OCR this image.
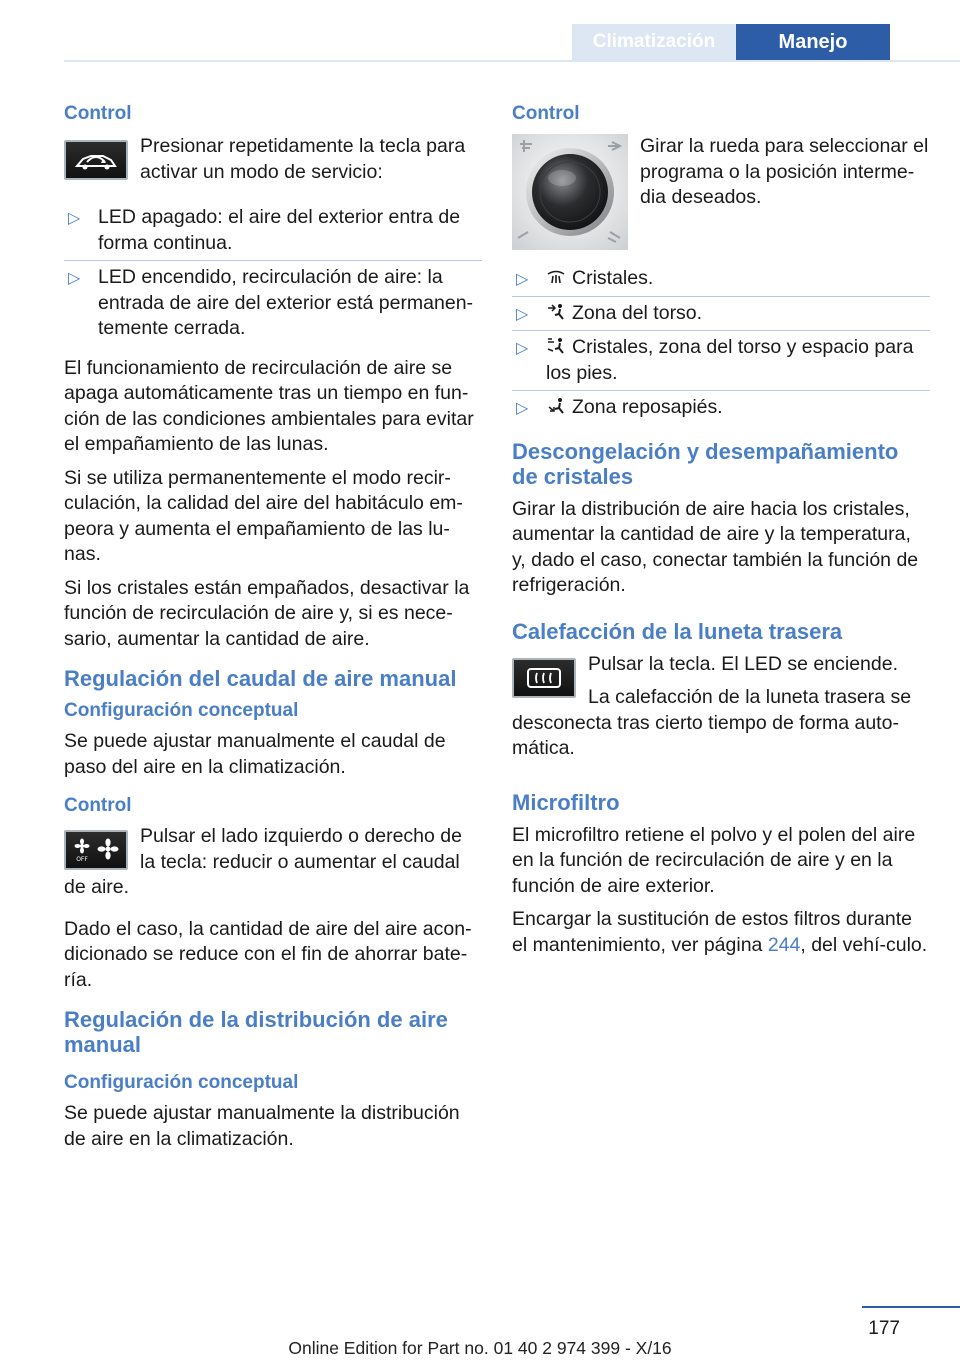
Climatización	Manejo
Control

Presionar repetidamente la tecla para activar un modo de servicio:

▷ LED apagado: el aire del exterior entra de forma continua.
▷ LED encendido, recirculación de aire: la entrada de aire del exterior está permanen‐temente cerrada.

El funcionamiento de recirculación de aire se apaga automáticamente tras un tiempo en fun‐ción de las condiciones ambientales para evitar el empañamiento de las lunas.

Si se utiliza permanentemente el modo recir‐culación, la calidad del aire del habitáculo em‐peora y aumenta el empañamiento de las lu‐nas.

Si los cristales están empañados, desactivar la función de recirculación de aire y, si es nece‐sario, aumentar la cantidad de aire.

Regulación del caudal de aire manual
Configuración conceptual

Se puede ajustar manualmente el caudal de paso del aire en la climatización.

Control
OFF

Pulsar el lado izquierdo o derecho de la tecla: reducir o aumentar el caudal de aire.

Dado el caso, la cantidad de aire del aire acon‐dicionado se reduce con el fin de ahorrar bate‐ría.

Regulación de la distribución de aire manual
Configuración conceptual

Se puede ajustar manualmente la distribución de aire en la climatización.

Control

Girar la rueda para seleccionar el programa o la posición interme‐dia deseados.

▷ Cristales.
▷ Zona del torso.
▷ Cristales, zona del torso y espacio para los pies.
▷ Zona reposapiés.
Descongelación y desempañamiento de cristales

Girar la distribución de aire hacia los cristales, aumentar la cantidad de aire y la temperatura, y, dado el caso, conectar también la función de refrigeración.

Calefacción de la luneta trasera

Pulsar la tecla. El LED se enciende.

La calefacción de la luneta trasera se desconecta tras cierto tiempo de forma auto‐mática.

Microfiltro

El microfiltro retiene el polvo y el polen del aire en la función de recirculación de aire y en la función de aire exterior.

Encargar la sustitución de estos filtros durante el mantenimiento, ver página 244, del vehí‐culo.

177
Online Edition for Part no. 01 40 2 974 399 - X/16
